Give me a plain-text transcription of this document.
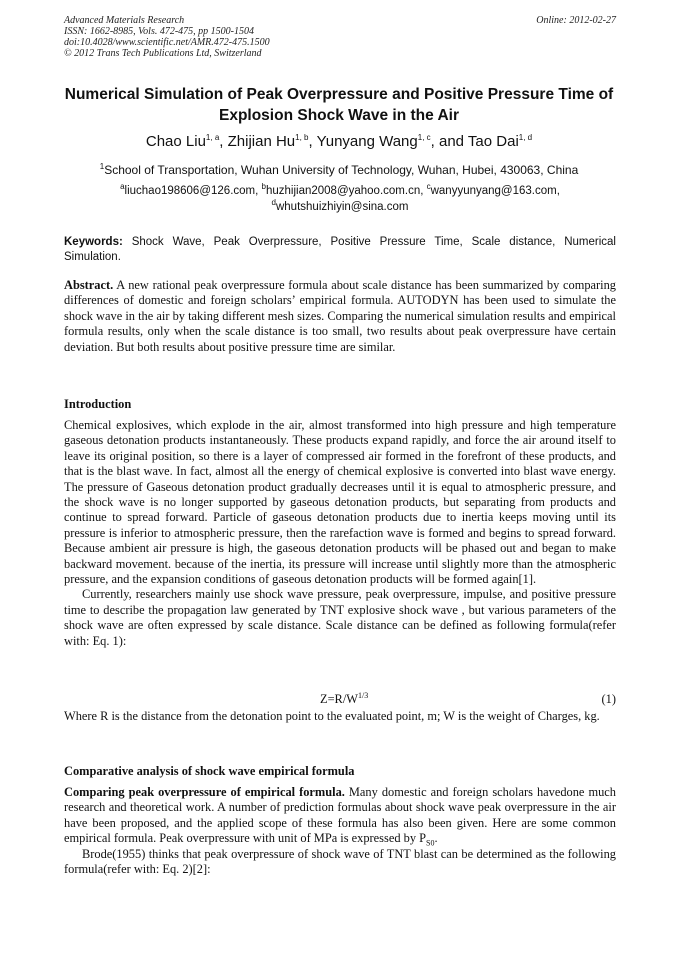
Advanced Materials Research
ISSN: 1662-8985, Vols. 472-475, pp 1500-1504
doi:10.4028/www.scientific.net/AMR.472-475.1500
© 2012 Trans Tech Publications Ltd, Switzerland
Online: 2012-02-27
Numerical Simulation of Peak Overpressure and Positive Pressure Time of Explosion Shock Wave in the Air
Chao Liu$^{1, a}$, Zhijian Hu$^{1, b}$, Yunyang Wang$^{1, c}$, and Tao Dai$^{1, d}$
$^1$School of Transportation, Wuhan University of Technology, Wuhan, Hubei, 430063, China
$^a$liuchao198606@126.com, $^b$huzhijian2008@yahoo.com.cn, $^c$wanyyunyang@163.com,
$^d$whutshuizhiyin@sina.com
Keywords: Shock Wave, Peak Overpressure, Positive Pressure Time, Scale distance, Numerical Simulation.
Abstract. A new rational peak overpressure formula about scale distance has been summarized by comparing differences of domestic and foreign scholars’ empirical formula. AUTODYN has been used to simulate the shock wave in the air by taking different mesh sizes. Comparing the numerical simulation results and empirical formula results, only when the scale distance is too small, two results about peak overpressure have certain deviation. But both results about positive pressure time are similar.
Introduction
Chemical explosives, which explode in the air, almost transformed into high pressure and high temperature gaseous detonation products instantaneously. These products expand rapidly, and force the air around itself to leave its original position, so there is a layer of compressed air formed in the forefront of these products, and that is the blast wave. In fact, almost all the energy of chemical explosive is converted into blast wave energy. The pressure of Gaseous detonation product gradually decreases until it is equal to atmospheric pressure, and the shock wave is no longer supported by gaseous detonation products, but separating from products and continue to spread forward. Particle of gaseous detonation products due to inertia keeps moving until its pressure is inferior to atmospheric pressure, then the rarefaction wave is formed and begins to spread forward. Because ambient air pressure is high, the gaseous detonation products will be phased out and began to make backward movement. because of the inertia, its pressure will increase until slightly more than the atmospheric pressure, and the expansion conditions of gaseous detonation products will be formed again[1].
Currently, researchers mainly use shock wave pressure, peak overpressure, impulse, and positive pressure time to describe the propagation law generated by TNT explosive shock wave , but various parameters of the shock wave are often expressed by scale distance. Scale distance can be defined as following formula(refer with: Eq. 1):
$Z=R/W^{1/3}$	(1)
Where R is the distance from the detonation point to the evaluated point, m; W is the weight of Charges, kg.
Comparative analysis of shock wave empirical formula
Comparing peak overpressure of empirical formula. Many domestic and foreign scholars havedone much research and theoretical work. A number of prediction formulas about shock wave peak overpressure in the air have been proposed, and the applied scope of these formula has also been given. Here are some common empirical formula. Peak overpressure with unit of MPa is expressed by $P_{S0}$.
Brode(1955) thinks that peak overpressure of shock wave of TNT blast can be determined as the following formula(refer with: Eq. 2)[2]:
